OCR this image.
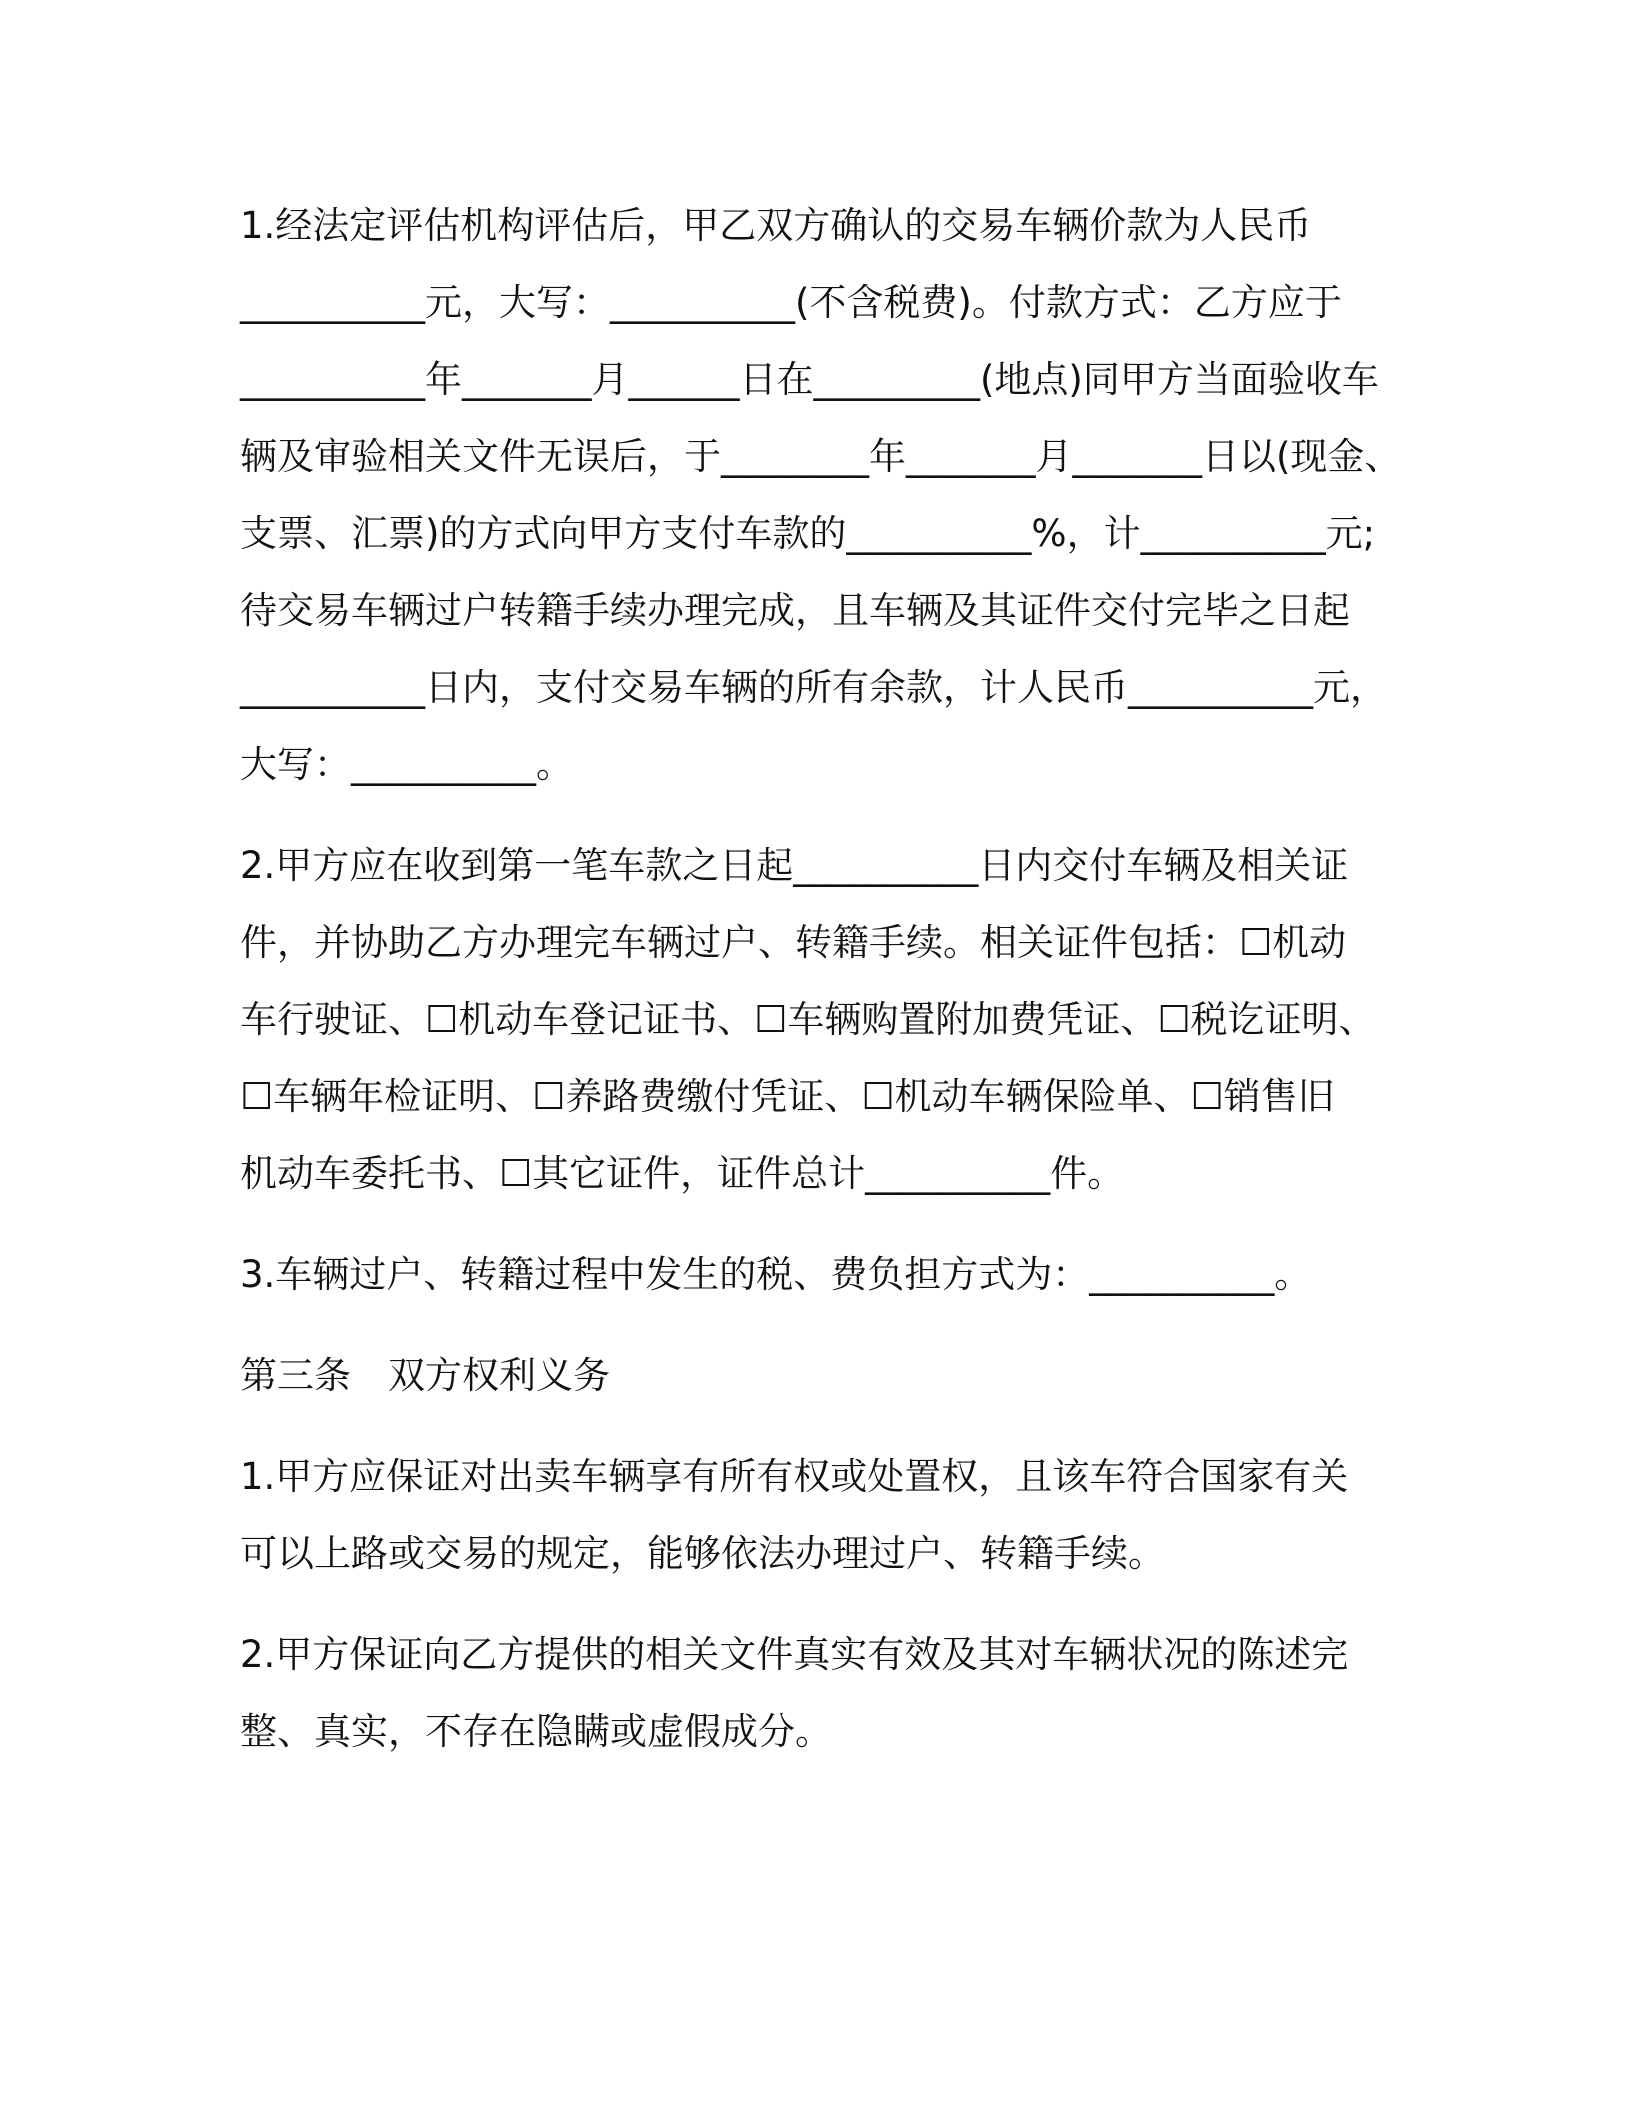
1.经法定评估机构评估后，甲乙双方确认的交易车辆价款为人民币
__________元，大写：__________(不含税费)。付款方式：乙方应于
__________年_______月______日在_________(地点)同甲方当面验收车
辆及审验相关文件无误后，于________年_______月_______日以(现金、
支票、汇票)的方式向甲方支付车款的__________%，计__________元;
待交易车辆过户转籍手续办理完成，且车辆及其证件交付完毕之日起
__________日内，支付交易车辆的所有余款，计人民币__________元，
大写：__________。
2.甲方应在收到第一笔车款之日起__________日内交付车辆及相关证
件，并协助乙方办理完车辆过户、转籍手续。相关证件包括：☐机动
车行驶证、☐机动车登记证书、☐车辆购置附加费凭证、☐税讫证明、
☐车辆年检证明、☐养路费缴付凭证、☐机动车辆保险单、☐销售旧
机动车委托书、☐其它证件，证件总计__________件。
3.车辆过户、转籍过程中发生的税、费负担方式为：__________。
第三条　双方权利义务
1.甲方应保证对出卖车辆享有所有权或处置权，且该车符合国家有关
可以上路或交易的规定，能够依法办理过户、转籍手续。
2.甲方保证向乙方提供的相关文件真实有效及其对车辆状况的陈述完
整、真实，不存在隐瞒或虚假成分。
